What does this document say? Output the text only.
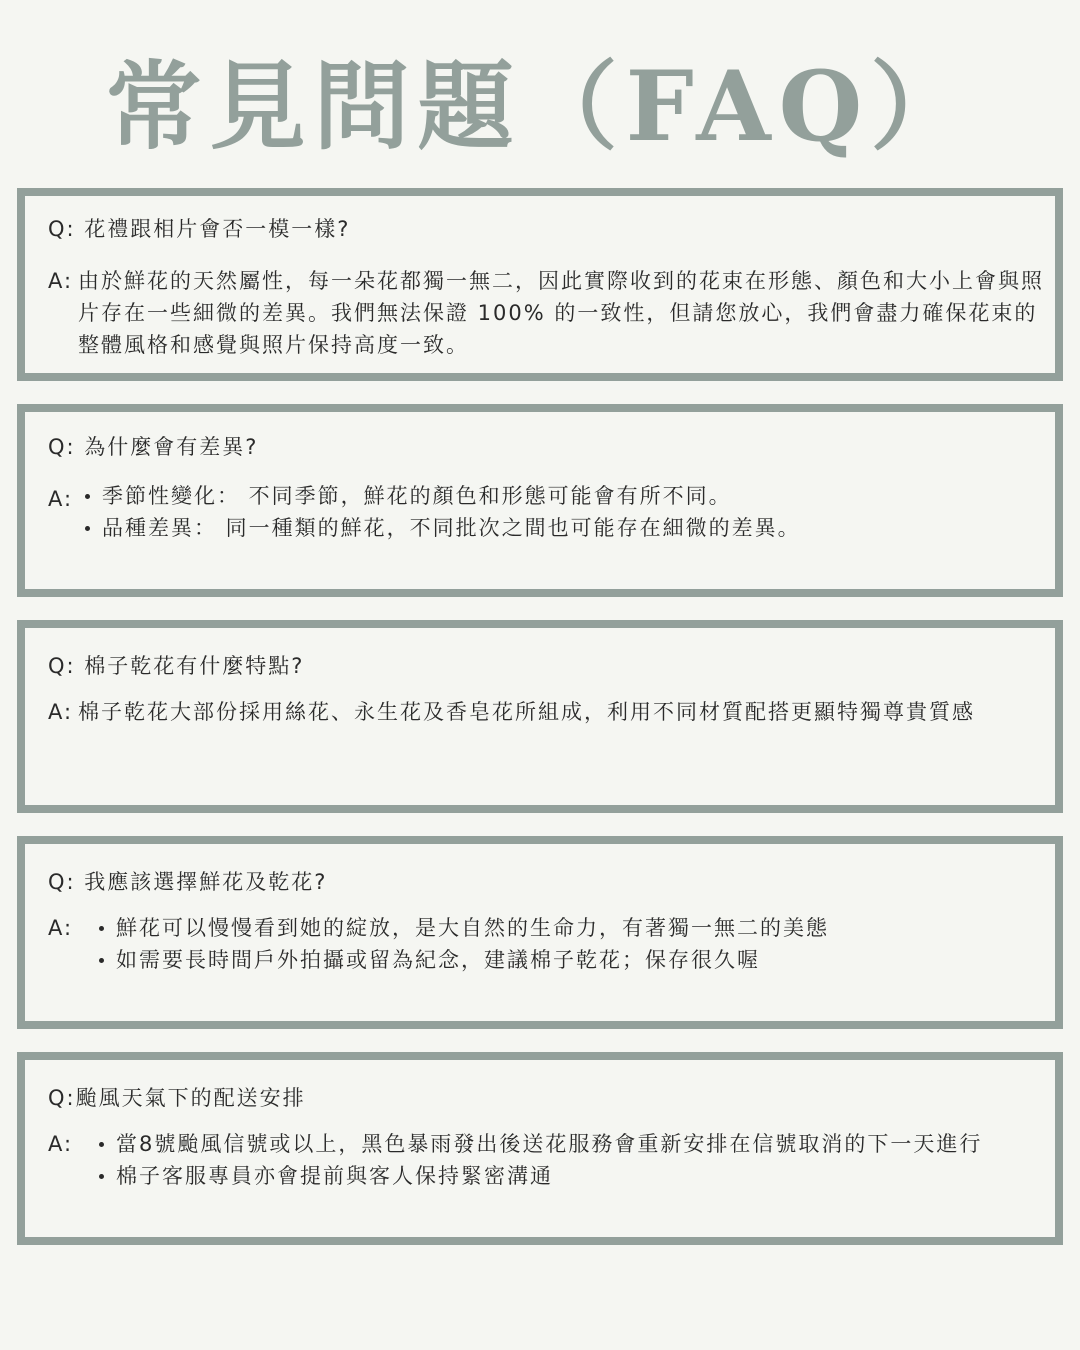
常見問題（FAQ）
Q: 花禮跟相片會否一模一樣?
A: 由於鮮花的天然屬性，每一朵花都獨一無二，因此實際收到的花束在形態、顏色和大小上會與照片存在一些細微的差異。我們無法保證 100% 的一致性，但請您放心，我們會盡力確保花束的整體風格和感覺與照片保持高度一致。
Q: 為什麼會有差異?
A:	季節性變化： 不同季節，鮮花的顏色和形態可能會有所不同。
品種差異： 同一種類的鮮花，不同批次之間也可能存在細微的差異。
Q: 棉子乾花有什麼特點?
A: 棉子乾花大部份採用絲花、永生花及香皂花所組成，利用不同材質配搭更顯特獨尊貴質感
Q: 我應該選擇鮮花及乾花?
A:	鮮花可以慢慢看到她的綻放，是大自然的生命力，有著獨一無二的美態
如需要長時間戶外拍攝或留為紀念，建議棉子乾花；保存很久喔
Q:颱風天氣下的配送安排
A:	當8號颱風信號或以上，黑色暴雨發出後送花服務會重新安排在信號取消的下一天進行
棉子客服專員亦會提前與客人保持緊密溝通
